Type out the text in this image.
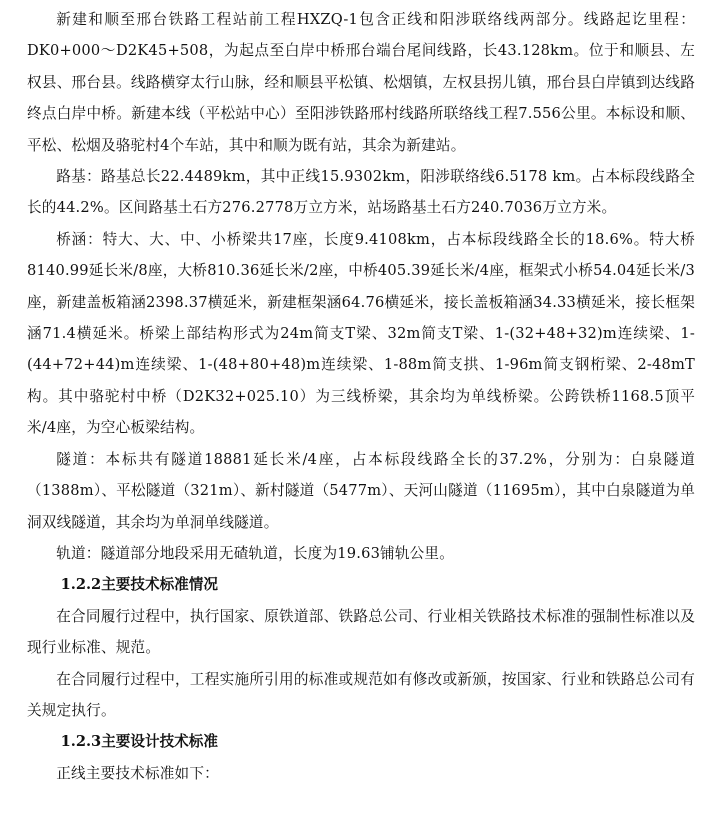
新建和顺至邢台铁路工程站前工程HXZQ-1包含正线和阳涉联络线两部分。线路起讫里程：DK0+000～D2K45+508，为起点至白岸中桥邢台端台尾间线路，长43.128km。位于和顺县、左权县、邢台县。线路横穿太行山脉，经和顺县平松镇、松烟镇，左权县拐儿镇，邢台县白岸镇到达线路终点白岸中桥。新建本线（平松站中心）至阳涉铁路邢村线路所联络线工程7.556公里。本标设和顺、平松、松烟及骆驼村4个车站，其中和顺为既有站，其余为新建站。

路基：路基总长22.4489km，其中正线15.9302km，阳涉联络线6.5178 km。占本标段线路全长的44.2%。区间路基土石方276.2778万立方米，站场路基土石方240.7036万立方米。

桥涵：特大、大、中、小桥梁共17座，长度9.4108km，占本标段线路全长的18.6%。特大桥8140.99延长米/8座，大桥810.36延长米/2座，中桥405.39延长米/4座，框架式小桥54.04延长米/3座，新建盖板箱涵2398.37横延米，新建框架涵64.76横延米，接长盖板箱涵34.33横延米，接长框架涵71.4横延米。桥梁上部结构形式为24m简支T梁、32m简支T梁、1-(32+48+32)m连续梁、1-(44+72+44)m连续梁、1-(48+80+48)m连续梁、1-88m简支拱、1-96m简支钢桁梁、2-48mT构。其中骆驼村中桥（D2K32+025.10）为三线桥梁，其余均为单线桥梁。公跨铁桥1168.5顶平米/4座，为空心板梁结构。

隧道：本标共有隧道18881延长米/4座，占本标段线路全长的37.2%，分别为：白泉隧道（1388m）、平松隧道（321m）、新村隧道（5477m）、天河山隧道（11695m），其中白泉隧道为单洞双线隧道，其余均为单洞单线隧道。

轨道：隧道部分地段采用无碴轨道，长度为19.63铺轨公里。

1.2.2主要技术标准情况

在合同履行过程中，执行国家、原铁道部、铁路总公司、行业相关铁路技术标准的强制性标准以及现行业标准、规范。

在合同履行过程中，工程实施所引用的标准或规范如有修改或新颁，按国家、行业和铁路总公司有关规定执行。

1.2.3主要设计技术标准

正线主要技术标准如下：
